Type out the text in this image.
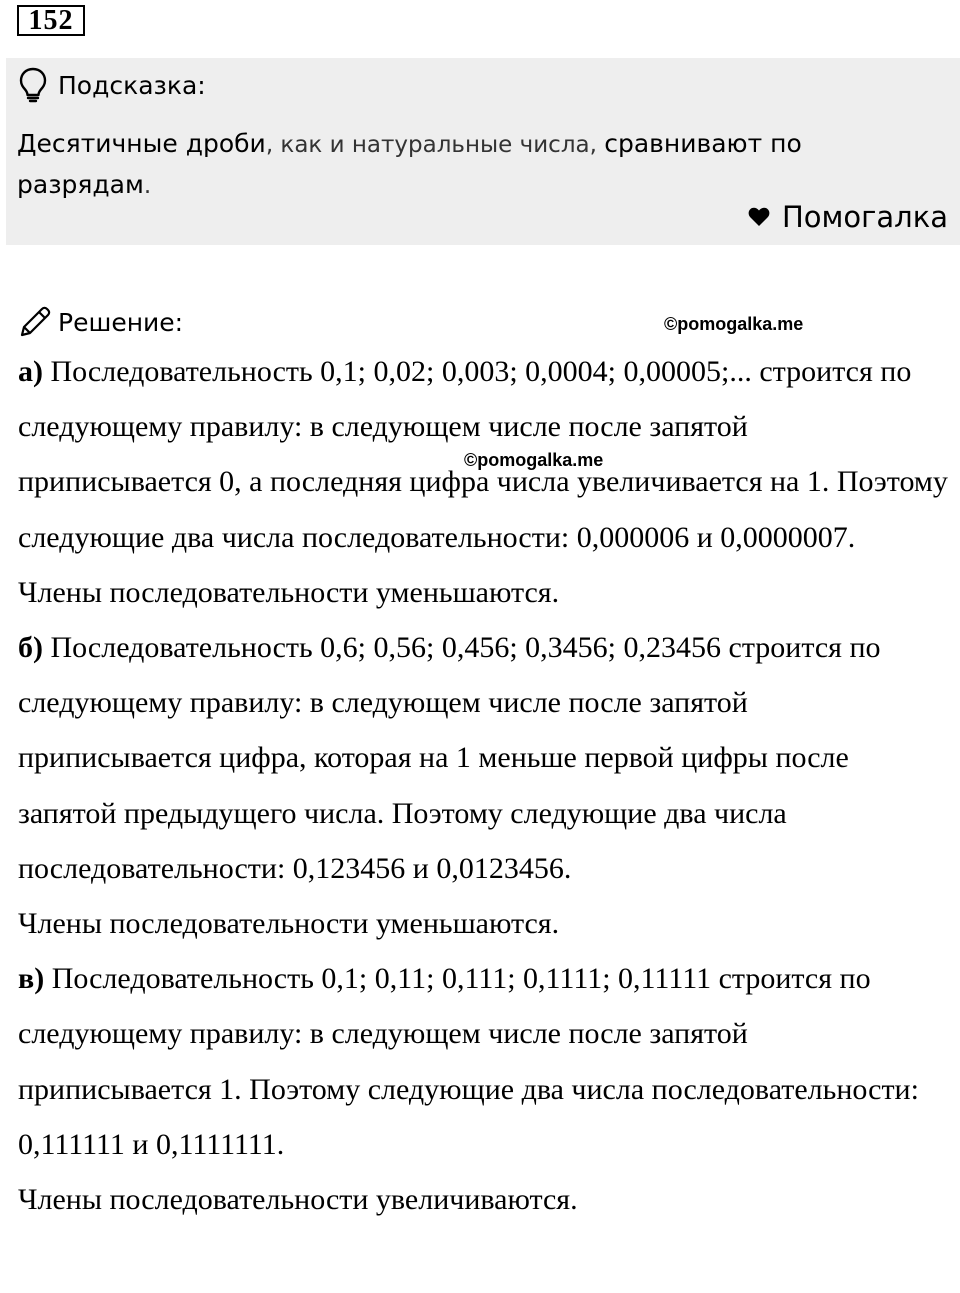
152
Подсказка:
Десятичные дроби, как и натуральные числа, сравнивают по разрядам.
Помогалка
Решение:	©pomogalka.me
©pomogalka.me

а) Последовательность 0,1; 0,02; 0,003; 0,0004; 0,00005;... строится по следующему правилу: в следующем числе после запятой приписывается 0, а последняя цифра числа увеличивается на 1. Поэтому следующие два числа последовательности: 0,000006 и 0,0000007.

Члены последовательности уменьшаются.

б) Последовательность 0,6; 0,56; 0,456; 0,3456; 0,23456 строится по следующему правилу: в следующем числе после запятой приписывается цифра, которая на 1 меньше первой цифры после запятой предыдущего числа. Поэтому следующие два числа последовательности: 0,123456 и 0,0123456.

Члены последовательности уменьшаются.

в) Последовательность 0,1; 0,11; 0,111; 0,1111; 0,11111 строится по следующему правилу: в следующем числе после запятой приписывается 1. Поэтому следующие два числа последовательности: 0,111111 и 0,1111111.

Члены последовательности увеличиваются.
